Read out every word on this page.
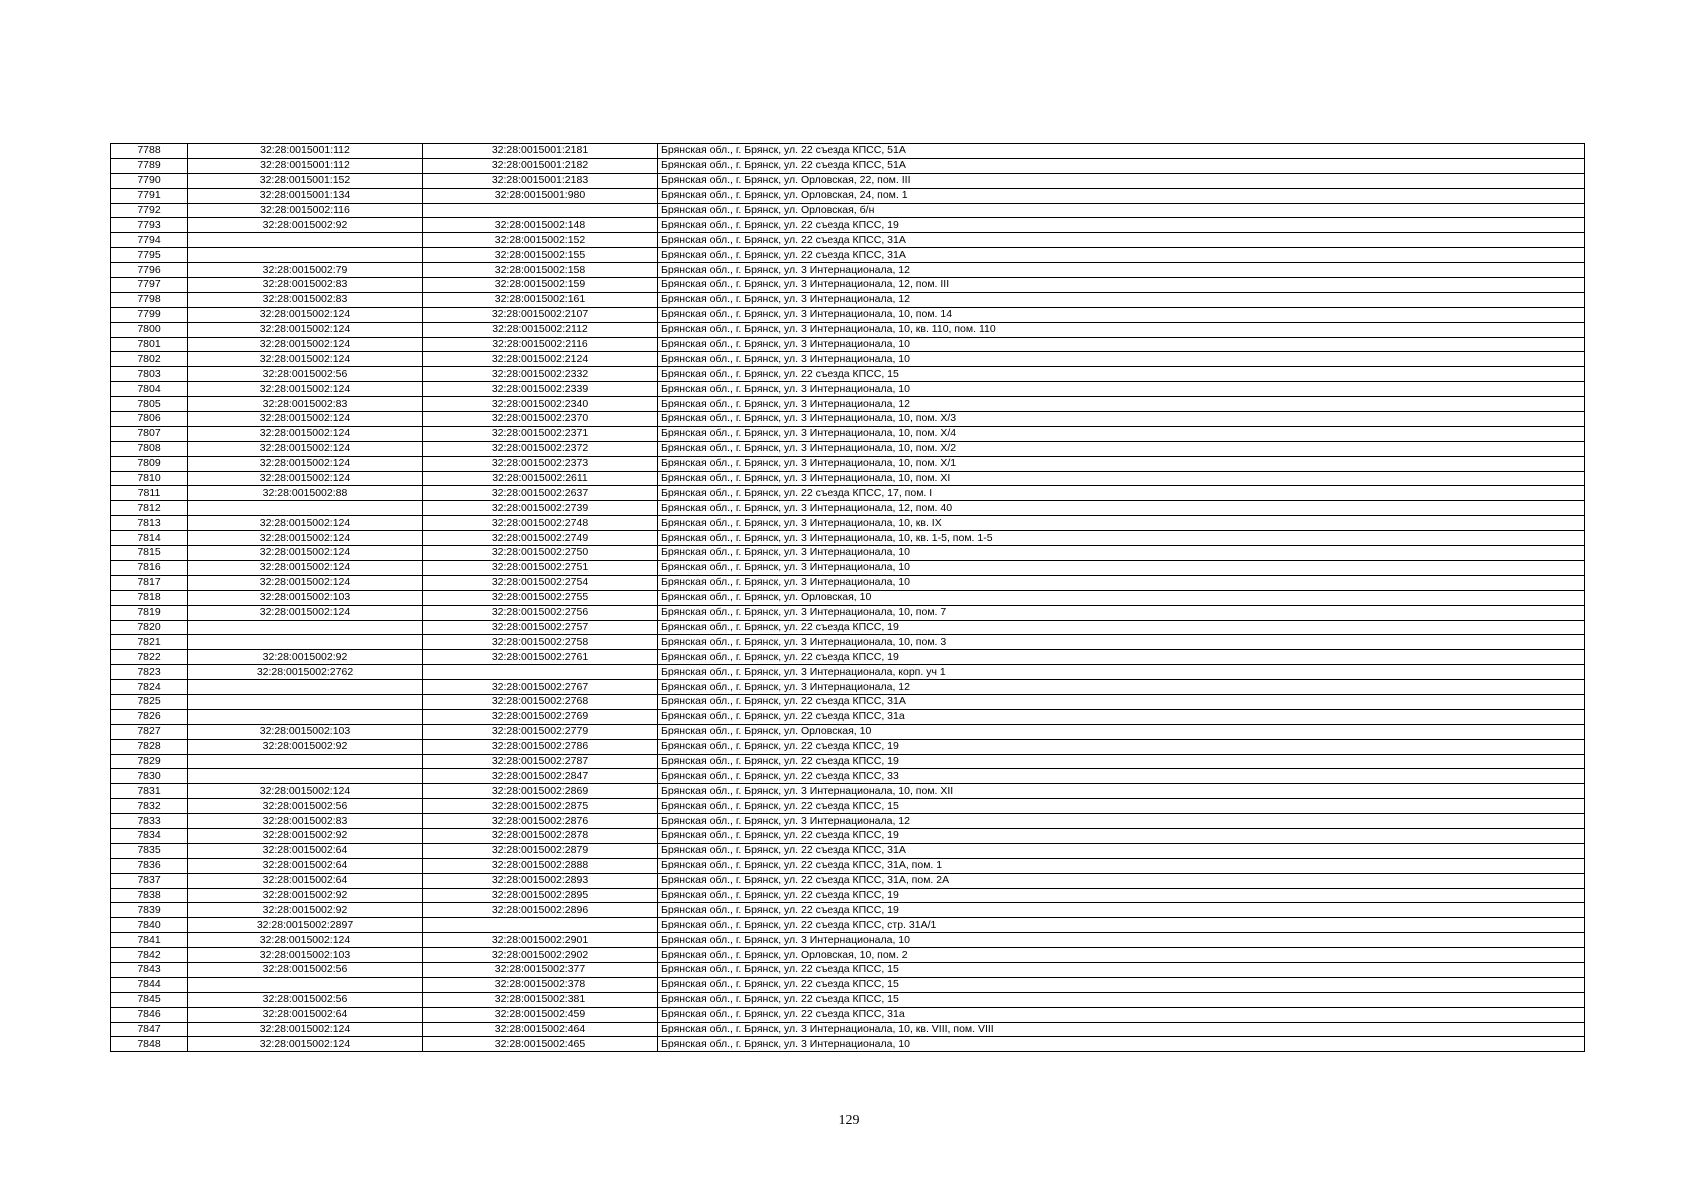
7788	32:28:0015001:112	32:28:0015001:2181	Брянская обл., г. Брянск, ул. 22 съезда КПСС, 51А
7789	32:28:0015001:112	32:28:0015001:2182	Брянская обл., г. Брянск, ул. 22 съезда КПСС, 51А
7790	32:28:0015001:152	32:28:0015001:2183	Брянская обл., г. Брянск, ул. Орловская, 22, пом. III
7791	32:28:0015001:134	32:28:0015001:980	Брянская обл., г. Брянск, ул. Орловская, 24, пом. 1
7792	32:28:0015002:116		Брянская обл., г. Брянск, ул. Орловская, б/н
7793	32:28:0015002:92	32:28:0015002:148	Брянская обл., г. Брянск, ул. 22 съезда КПСС, 19
7794		32:28:0015002:152	Брянская обл., г. Брянск, ул. 22 съезда КПСС, 31А
7795		32:28:0015002:155	Брянская обл., г. Брянск, ул. 22 съезда КПСС, 31А
7796	32:28:0015002:79	32:28:0015002:158	Брянская обл., г. Брянск, ул. 3 Интернационала, 12
7797	32:28:0015002:83	32:28:0015002:159	Брянская обл., г. Брянск, ул. 3 Интернационала, 12, пом. III
7798	32:28:0015002:83	32:28:0015002:161	Брянская обл., г. Брянск, ул. 3 Интернационала, 12
7799	32:28:0015002:124	32:28:0015002:2107	Брянская обл., г. Брянск, ул. 3 Интернационала, 10, пом. 14
7800	32:28:0015002:124	32:28:0015002:2112	Брянская обл., г. Брянск, ул. 3 Интернационала, 10, кв. 110, пом. 110
7801	32:28:0015002:124	32:28:0015002:2116	Брянская обл., г. Брянск, ул. 3 Интернационала, 10
7802	32:28:0015002:124	32:28:0015002:2124	Брянская обл., г. Брянск, ул. 3 Интернационала, 10
7803	32:28:0015002:56	32:28:0015002:2332	Брянская обл., г. Брянск, ул. 22 съезда КПСС, 15
7804	32:28:0015002:124	32:28:0015002:2339	Брянская обл., г. Брянск, ул. 3 Интернационала, 10
7805	32:28:0015002:83	32:28:0015002:2340	Брянская обл., г. Брянск, ул. 3 Интернационала, 12
7806	32:28:0015002:124	32:28:0015002:2370	Брянская обл., г. Брянск, ул. 3 Интернационала, 10, пом. Х/3
7807	32:28:0015002:124	32:28:0015002:2371	Брянская обл., г. Брянск, ул. 3 Интернационала, 10, пом. Х/4
7808	32:28:0015002:124	32:28:0015002:2372	Брянская обл., г. Брянск, ул. 3 Интернационала, 10, пом. Х/2
7809	32:28:0015002:124	32:28:0015002:2373	Брянская обл., г. Брянск, ул. 3 Интернационала, 10, пом. Х/1
7810	32:28:0015002:124	32:28:0015002:2611	Брянская обл., г. Брянск, ул. 3 Интернационала, 10, пом. XI
7811	32:28:0015002:88	32:28:0015002:2637	Брянская обл., г. Брянск, ул. 22 съезда КПСС, 17, пом. I
7812		32:28:0015002:2739	Брянская обл., г. Брянск, ул. 3 Интернационала, 12, пом. 40
7813	32:28:0015002:124	32:28:0015002:2748	Брянская обл., г. Брянск, ул. 3 Интернационала, 10, кв. IX
7814	32:28:0015002:124	32:28:0015002:2749	Брянская обл., г. Брянск, ул. 3 Интернационала, 10, кв. 1-5, пом. 1-5
7815	32:28:0015002:124	32:28:0015002:2750	Брянская обл., г. Брянск, ул. 3 Интернационала, 10
7816	32:28:0015002:124	32:28:0015002:2751	Брянская обл., г. Брянск, ул. 3 Интернационала, 10
7817	32:28:0015002:124	32:28:0015002:2754	Брянская обл., г. Брянск, ул. 3 Интернационала, 10
7818	32:28:0015002:103	32:28:0015002:2755	Брянская обл., г. Брянск, ул. Орловская, 10
7819	32:28:0015002:124	32:28:0015002:2756	Брянская обл., г. Брянск, ул. 3 Интернационала, 10, пом. 7
7820		32:28:0015002:2757	Брянская обл., г. Брянск, ул. 22 съезда КПСС, 19
7821		32:28:0015002:2758	Брянская обл., г. Брянск, ул. 3 Интернационала, 10, пом. 3
7822	32:28:0015002:92	32:28:0015002:2761	Брянская обл., г. Брянск, ул. 22 съезда КПСС, 19
7823	32:28:0015002:2762		Брянская обл., г. Брянск, ул. 3 Интернационала, корп. уч 1
7824		32:28:0015002:2767	Брянская обл., г. Брянск, ул. 3 Интернационала, 12
7825		32:28:0015002:2768	Брянская обл., г. Брянск, ул. 22 съезда КПСС, 31А
7826		32:28:0015002:2769	Брянская обл., г. Брянск, ул. 22 съезда КПСС, 31а
7827	32:28:0015002:103	32:28:0015002:2779	Брянская обл., г. Брянск, ул. Орловская, 10
7828	32:28:0015002:92	32:28:0015002:2786	Брянская обл., г. Брянск, ул. 22 съезда КПСС, 19
7829		32:28:0015002:2787	Брянская обл., г. Брянск, ул. 22 съезда КПСС, 19
7830		32:28:0015002:2847	Брянская обл., г. Брянск, ул. 22 съезда КПСС, 33
7831	32:28:0015002:124	32:28:0015002:2869	Брянская обл., г. Брянск, ул. 3 Интернационала, 10, пом. XII
7832	32:28:0015002:56	32:28:0015002:2875	Брянская обл., г. Брянск, ул. 22 съезда КПСС, 15
7833	32:28:0015002:83	32:28:0015002:2876	Брянская обл., г. Брянск, ул. 3 Интернационала, 12
7834	32:28:0015002:92	32:28:0015002:2878	Брянская обл., г. Брянск, ул. 22 съезда КПСС, 19
7835	32:28:0015002:64	32:28:0015002:2879	Брянская обл., г. Брянск, ул. 22 съезда КПСС, 31А
7836	32:28:0015002:64	32:28:0015002:2888	Брянская обл., г. Брянск, ул. 22 съезда КПСС, 31А, пом. 1
7837	32:28:0015002:64	32:28:0015002:2893	Брянская обл., г. Брянск, ул. 22 съезда КПСС, 31А, пом. 2А
7838	32:28:0015002:92	32:28:0015002:2895	Брянская обл., г. Брянск, ул. 22 съезда КПСС, 19
7839	32:28:0015002:92	32:28:0015002:2896	Брянская обл., г. Брянск, ул. 22 съезда КПСС, 19
7840	32:28:0015002:2897		Брянская обл., г. Брянск, ул. 22 съезда КПСС, стр. 31А/1
7841	32:28:0015002:124	32:28:0015002:2901	Брянская обл., г. Брянск, ул. 3 Интернационала, 10
7842	32:28:0015002:103	32:28:0015002:2902	Брянская обл., г. Брянск, ул. Орловская, 10, пом. 2
7843	32:28:0015002:56	32:28:0015002:377	Брянская обл., г. Брянск, ул. 22 съезда КПСС, 15
7844		32:28:0015002:378	Брянская обл., г. Брянск, ул. 22 съезда КПСС, 15
7845	32:28:0015002:56	32:28:0015002:381	Брянская обл., г. Брянск, ул. 22 съезда КПСС, 15
7846	32:28:0015002:64	32:28:0015002:459	Брянская обл., г. Брянск, ул. 22 съезда КПСС, 31а
7847	32:28:0015002:124	32:28:0015002:464	Брянская обл., г. Брянск, ул. 3 Интернационала, 10, кв. VIII, пом. VIII
7848	32:28:0015002:124	32:28:0015002:465	Брянская обл., г. Брянск, ул. 3 Интернационала, 10
129
